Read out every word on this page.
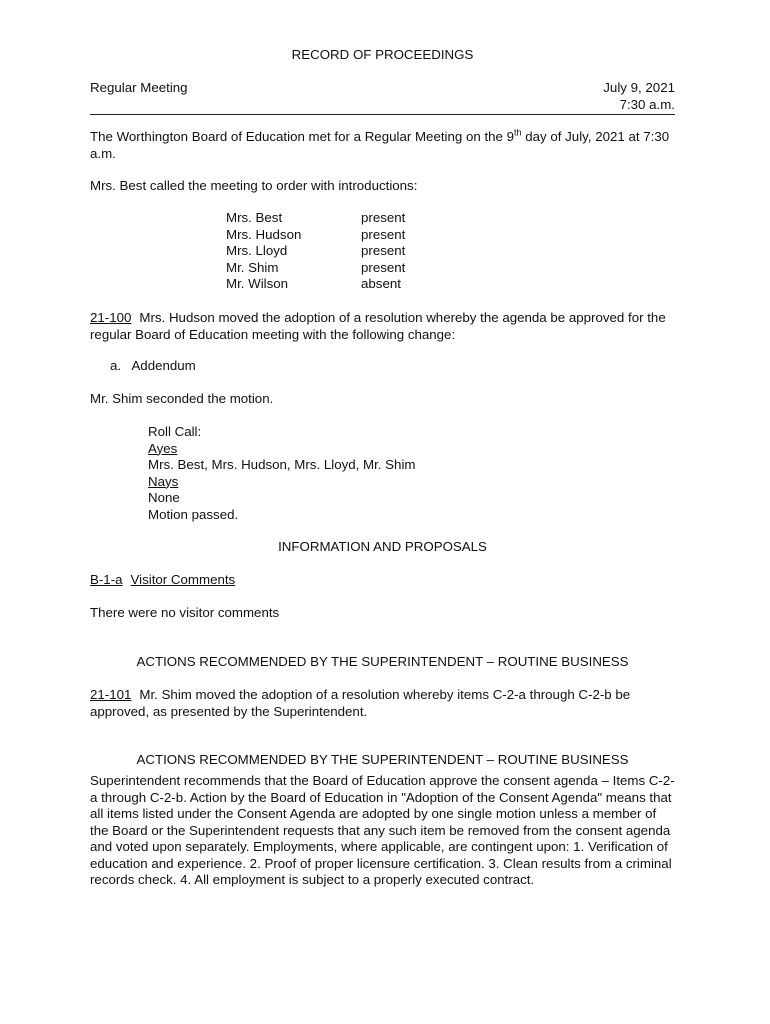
RECORD OF PROCEEDINGS
Regular Meeting	July 9, 2021
7:30 a.m.
The Worthington Board of Education met for a Regular Meeting on the 9th day of July, 2021 at 7:30 a.m.
Mrs. Best called the meeting to order with introductions:
Mrs. Best	present
Mrs. Hudson	present
Mrs. Lloyd	present
Mr. Shim	present
Mr. Wilson	absent
21-100 Mrs. Hudson moved the adoption of a resolution whereby the agenda be approved for the regular Board of Education meeting with the following change:
a.   Addendum
Mr. Shim seconded the motion.
Roll Call:
Ayes
Mrs. Best, Mrs. Hudson, Mrs. Lloyd, Mr. Shim
Nays
None
Motion passed.
INFORMATION AND PROPOSALS
B-1-a Visitor Comments
There were no visitor comments
ACTIONS RECOMMENDED BY THE SUPERINTENDENT – ROUTINE BUSINESS
21-101 Mr. Shim moved the adoption of a resolution whereby items C-2-a through C-2-b be approved, as presented by the Superintendent.
ACTIONS RECOMMENDED BY THE SUPERINTENDENT – ROUTINE BUSINESS
Superintendent recommends that the Board of Education approve the consent agenda – Items C-2-a through C-2-b. Action by the Board of Education in "Adoption of the Consent Agenda" means that all items listed under the Consent Agenda are adopted by one single motion unless a member of the Board or the Superintendent requests that any such item be removed from the consent agenda and voted upon separately. Employments, where applicable, are contingent upon: 1. Verification of education and experience. 2. Proof of proper licensure certification. 3. Clean results from a criminal records check. 4. All employment is subject to a properly executed contract.
